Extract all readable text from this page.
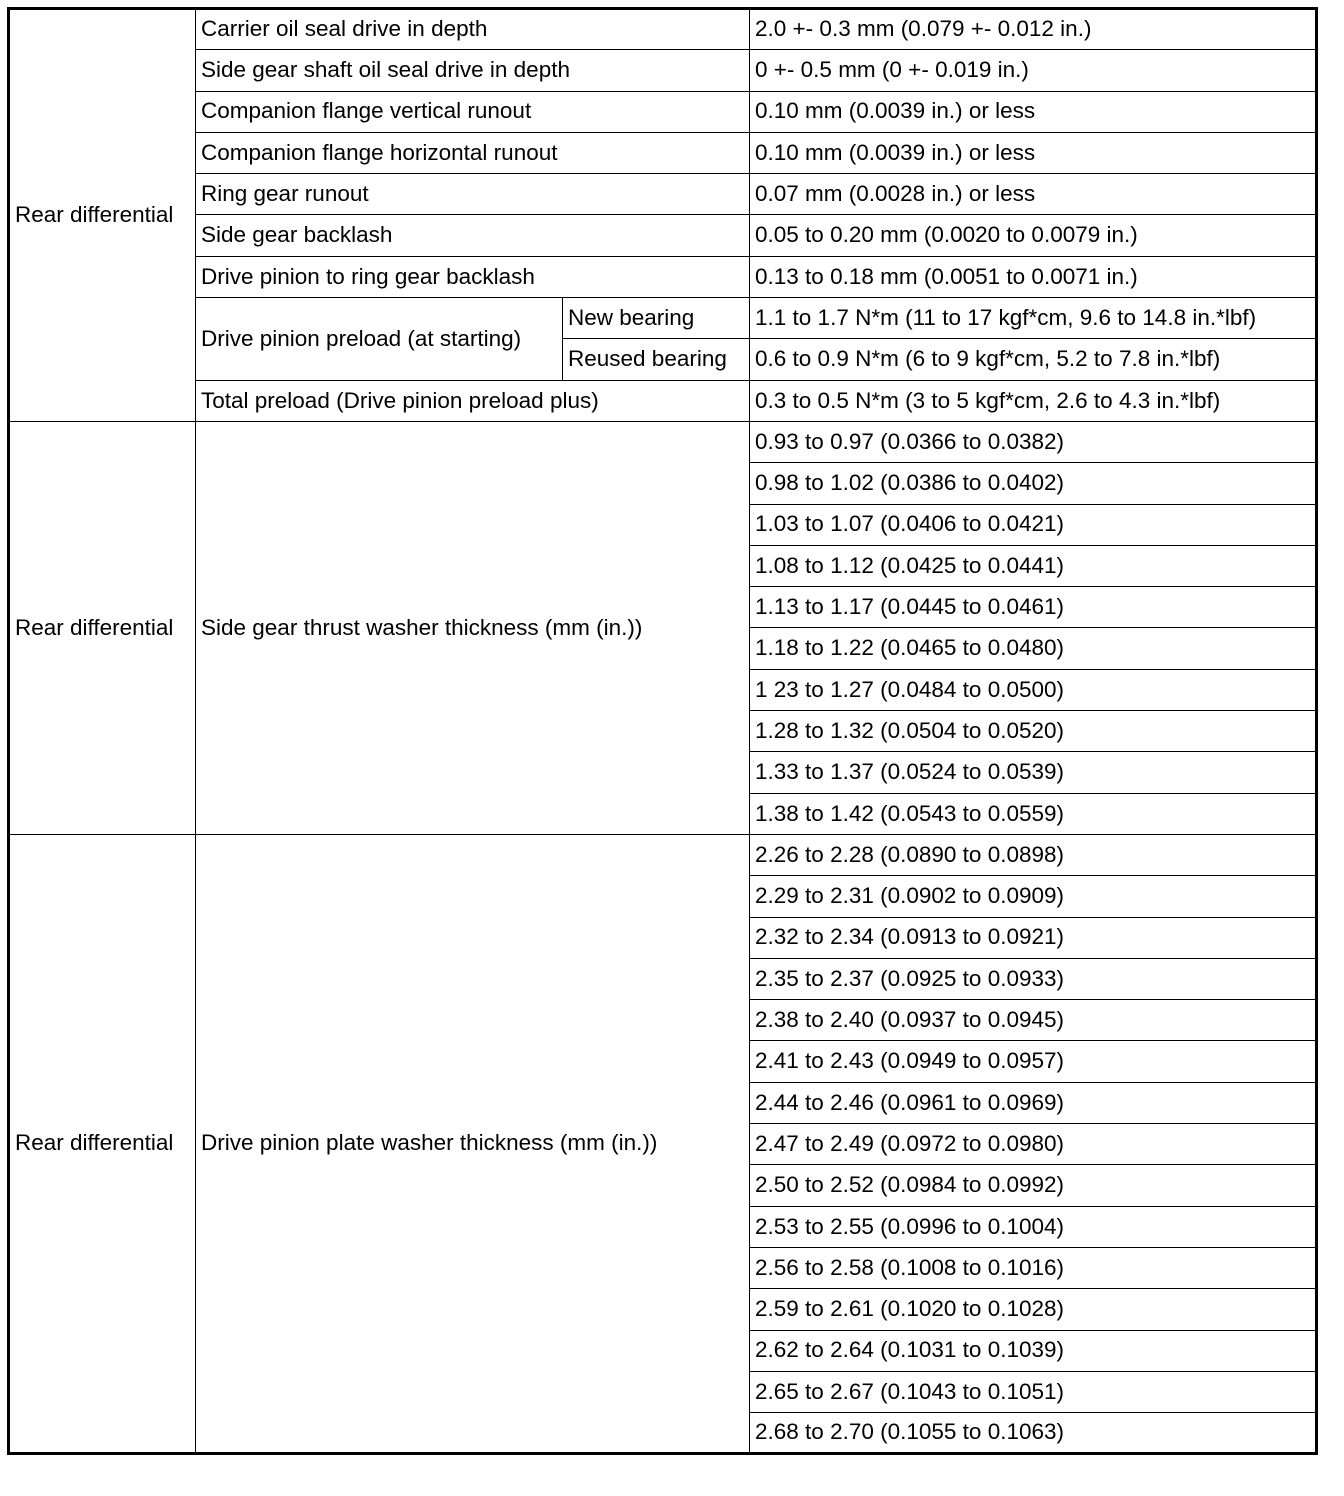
Rear differential	Carrier oil seal drive in depth		2.0 +- 0.3 mm (0.079 +- 0.012 in.)
	Side gear shaft oil seal drive in depth		0 +- 0.5 mm (0 +- 0.019 in.)
	Companion flange vertical runout		0.10 mm (0.0039 in.) or less
	Companion flange horizontal runout		0.10 mm (0.0039 in.) or less
	Ring gear runout		0.07 mm (0.0028 in.) or less
	Side gear backlash		0.05 to 0.20 mm (0.0020 to 0.0079 in.)
	Drive pinion to ring gear backlash		0.13 to 0.18 mm (0.0051 to 0.0071 in.)
	Drive pinion preload (at starting)	New bearing	1.1 to 1.7 N*m (11 to 17 kgf*cm, 9.6 to 14.8 in.*lbf)
		Reused bearing	0.6 to 0.9 N*m (6 to 9 kgf*cm, 5.2 to 7.8 in.*lbf)
	Total preload (Drive pinion preload plus)		0.3 to 0.5 N*m (3 to 5 kgf*cm, 2.6 to 4.3 in.*lbf)
Rear differential	Side gear thrust washer thickness (mm (in.))		0.93 to 0.97 (0.0366 to 0.0382)
			0.98 to 1.02 (0.0386 to 0.0402)
			1.03 to 1.07 (0.0406 to 0.0421)
			1.08 to 1.12 (0.0425 to 0.0441)
			1.13 to 1.17 (0.0445 to 0.0461)
			1.18 to 1.22 (0.0465 to 0.0480)
			1 23 to 1.27 (0.0484 to 0.0500)
			1.28 to 1.32 (0.0504 to 0.0520)
			1.33 to 1.37 (0.0524 to 0.0539)
			1.38 to 1.42 (0.0543 to 0.0559)
Rear differential	Drive pinion plate washer thickness (mm (in.))		2.26 to 2.28 (0.0890 to 0.0898)
			2.29 to 2.31 (0.0902 to 0.0909)
			2.32 to 2.34 (0.0913 to 0.0921)
			2.35 to 2.37 (0.0925 to 0.0933)
			2.38 to 2.40 (0.0937 to 0.0945)
			2.41 to 2.43 (0.0949 to 0.0957)
			2.44 to 2.46 (0.0961 to 0.0969)
			2.47 to 2.49 (0.0972 to 0.0980)
			2.50 to 2.52 (0.0984 to 0.0992)
			2.53 to 2.55 (0.0996 to 0.1004)
			2.56 to 2.58 (0.1008 to 0.1016)
			2.59 to 2.61 (0.1020 to 0.1028)
			2.62 to 2.64 (0.1031 to 0.1039)
			2.65 to 2.67 (0.1043 to 0.1051)
			2.68 to 2.70 (0.1055 to 0.1063)
